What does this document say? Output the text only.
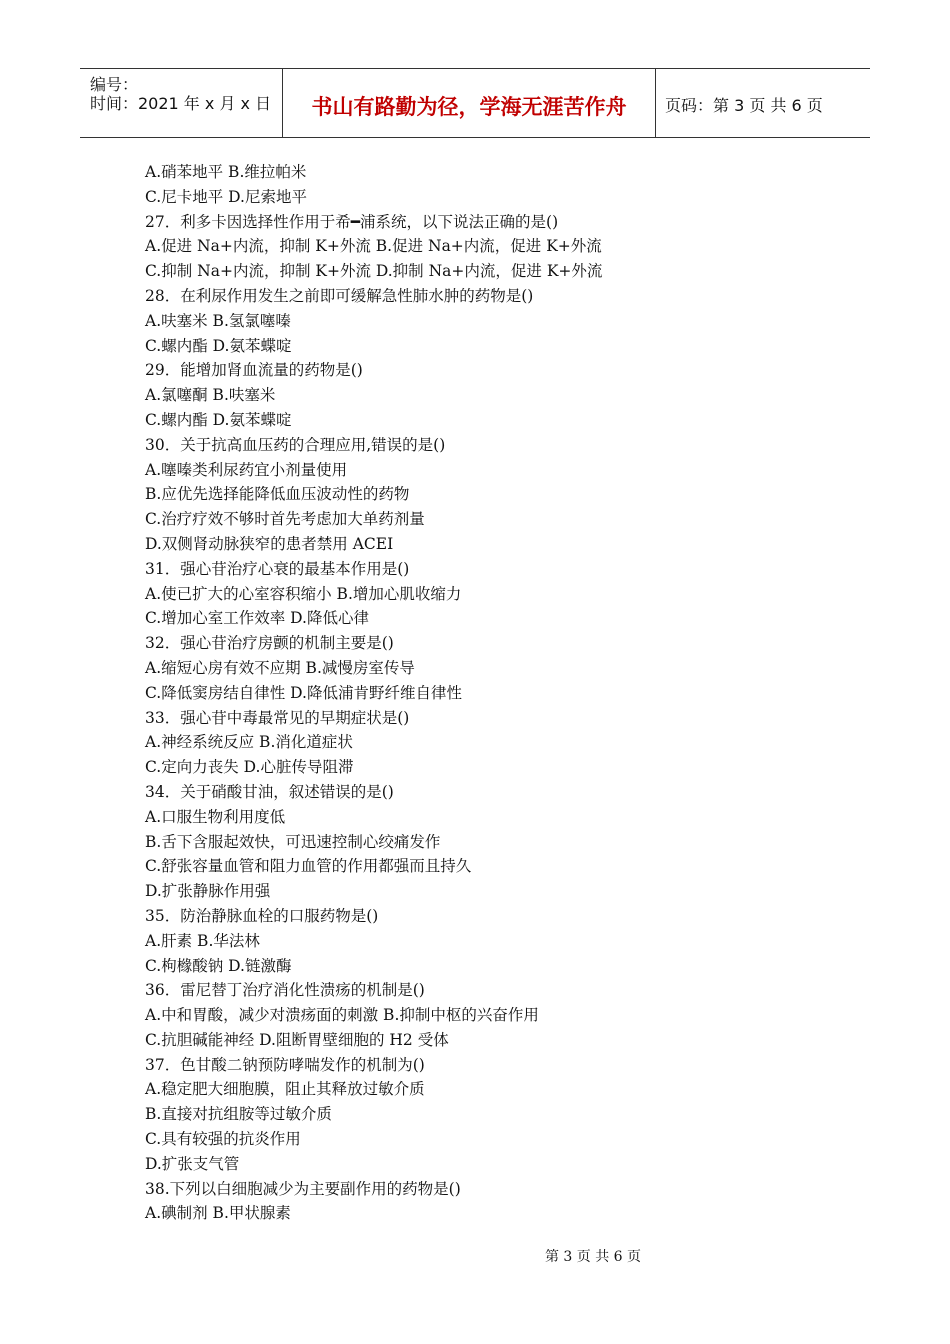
编号：
时间：2021 年 x 月 x 日	书山有路勤为径，学海无涯苦作舟	页码：第 3 页 共 6 页
A.硝苯地平 B.维拉帕米
C.尼卡地平 D.尼索地平
27．利多卡因选择性作用于希━浦系统，以下说法正确的是()
A.促进 Na+内流，抑制 K+外流 B.促进 Na+内流，促进 K+外流
C.抑制 Na+内流，抑制 K+外流 D.抑制 Na+内流，促进 K+外流
28．在利尿作用发生之前即可缓解急性肺水肿的药物是()
A.呋塞米 B.氢氯噻嗪
C.螺内酯 D.氨苯蝶啶
29．能增加肾血流量的药物是()
A.氯噻酮 B.呋塞米
C.螺内酯 D.氨苯蝶啶
30．关于抗高血压药的合理应用,错误的是()
A.噻嗪类利尿药宜小剂量使用
B.应优先选择能降低血压波动性的药物
C.治疗疗效不够时首先考虑加大单药剂量
D.双侧肾动脉狭窄的患者禁用 ACEI
31．强心苷治疗心衰的最基本作用是()
A.使已扩大的心室容积缩小 B.增加心肌收缩力
C.增加心室工作效率 D.降低心律
32．强心苷治疗房颤的机制主要是()
A.缩短心房有效不应期 B.减慢房室传导
C.降低窦房结自律性 D.降低浦肯野纤维自律性
33．强心苷中毒最常见的早期症状是()
A.神经系统反应 B.消化道症状
C.定向力丧失 D.心脏传导阻滞
34．关于硝酸甘油，叙述错误的是()
A.口服生物利用度低
B.舌下含服起效快，可迅速控制心绞痛发作
C.舒张容量血管和阻力血管的作用都强而且持久
D.扩张静脉作用强
35．防治静脉血栓的口服药物是()
A.肝素 B.华法林
C.枸橼酸钠 D.链激酶
36．雷尼替丁治疗消化性溃疡的机制是()
A.中和胃酸，减少对溃疡面的刺激 B.抑制中枢的兴奋作用
C.抗胆碱能神经 D.阻断胃壁细胞的 H2 受体
37．色甘酸二钠预防哮喘发作的机制为()
A.稳定肥大细胞膜，阻止其释放过敏介质
B.直接对抗组胺等过敏介质
C.具有较强的抗炎作用
D.扩张支气管
38.下列以白细胞减少为主要副作用的药物是()
A.碘制剂 B.甲状腺素
第 3 页 共 6 页
